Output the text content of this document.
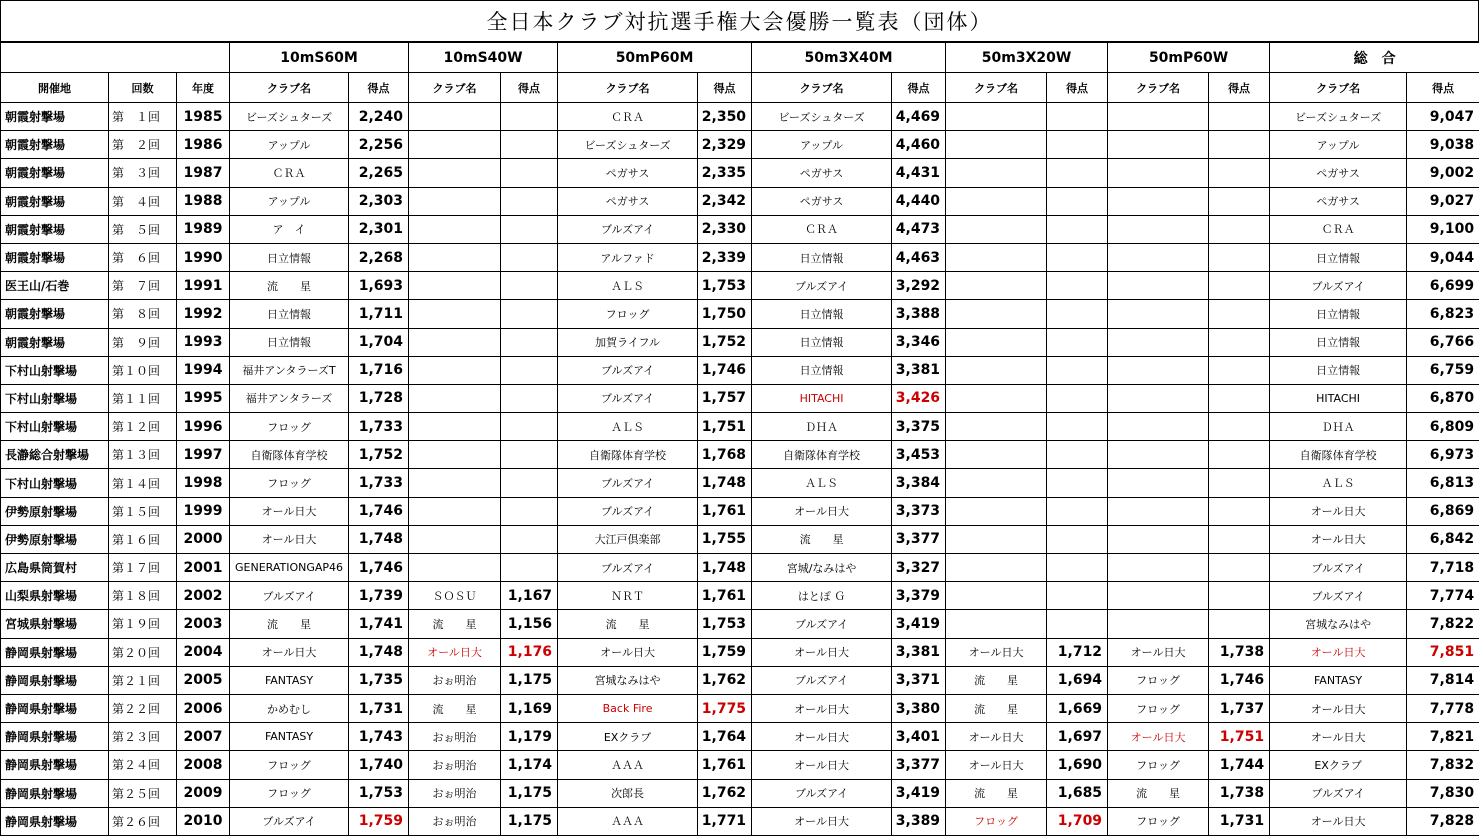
全日本クラブ対抗選手権大会優勝一覧表（団体）
			10mS60M		10mS40W		50mP60M		50m3X40M		50m3X20W		50mP60W		総　合	
開催地	回数	年度	クラブ名	得点	クラブ名	得点	クラブ名	得点	クラブ名	得点	クラブ名	得点	クラブ名	得点	クラブ名	得点
朝霞射撃場	第　１回	1985	ビーズシュターズ	2,240			ＣＲＡ	2,350	ビーズシュターズ	4,469					ビーズシュターズ	9,047
朝霞射撃場	第　２回	1986	アップル	2,256			ビーズシュターズ	2,329	アップル	4,460					アップル	9,038
朝霞射撃場	第　３回	1987	ＣＲＡ	2,265			ペガサス	2,335	ペガサス	4,431					ペガサス	9,002
朝霞射撃場	第　４回	1988	アップル	2,303			ペガサス	2,342	ペガサス	4,440					ペガサス	9,027
朝霞射撃場	第　５回	1989	ア　イ	2,301			ブルズアイ	2,330	ＣＲＡ	4,473					ＣＲＡ	9,100
朝霞射撃場	第　６回	1990	日立情報	2,268			アルファド	2,339	日立情報	4,463					日立情報	9,044
医王山/石巻	第　７回	1991	流　　星	1,693			ＡＬＳ	1,753	ブルズアイ	3,292					ブルズアイ	6,699
朝霞射撃場	第　８回	1992	日立情報	1,711			フロッグ	1,750	日立情報	3,388					日立情報	6,823
朝霞射撃場	第　９回	1993	日立情報	1,704			加賀ライフル	1,752	日立情報	3,346					日立情報	6,766
下村山射撃場	第１０回	1994	福井アンタラーズT	1,716			ブルズアイ	1,746	日立情報	3,381					日立情報	6,759
下村山射撃場	第１１回	1995	福井アンタラーズ	1,728			ブルズアイ	1,757	HITACHI	3,426					HITACHI	6,870
下村山射撃場	第１２回	1996	フロッグ	1,733			ＡＬＳ	1,751	ＤＨＡ	3,375					ＤＨＡ	6,809
長瀞総合射撃場	第１３回	1997	自衛隊体育学校	1,752			自衛隊体育学校	1,768	自衛隊体育学校	3,453					自衛隊体育学校	6,973
下村山射撃場	第１４回	1998	フロッグ	1,733			ブルズアイ	1,748	ＡＬＳ	3,384					ＡＬＳ	6,813
伊勢原射撃場	第１５回	1999	オール日大	1,746			ブルズアイ	1,761	オール日大	3,373					オール日大	6,869
伊勢原射撃場	第１６回	2000	オール日大	1,748			大江戸倶楽部	1,755	流　　星	3,377					オール日大	6,842
広島県筒賀村	第１７回	2001	GENERATIONGAP46	1,746			ブルズアイ	1,748	宮城/なみはや	3,327					ブルズアイ	7,718
山梨県射撃場	第１８回	2002	ブルズアイ	1,739	ＳＯＳＵ	1,167	ＮＲＴ	1,761	はとぽ Ｇ	3,379					ブルズアイ	7,774
宮城県射撃場	第１９回	2003	流　　星	1,741	流　　星	1,156	流　　星	1,753	ブルズアイ	3,419					宮城なみはや	7,822
静岡県射撃場	第２０回	2004	オール日大	1,748	オール日大	1,176	オール日大	1,759	オール日大	3,381	オール日大	1,712	オール日大	1,738	オール日大	7,851
静岡県射撃場	第２１回	2005	FANTASY	1,735	おぉ明治	1,175	宮城なみはや	1,762	ブルズアイ	3,371	流　　星	1,694	フロッグ	1,746	FANTASY	7,814
静岡県射撃場	第２２回	2006	かめむし	1,731	流　　星	1,169	Back Fire	1,775	オール日大	3,380	流　　星	1,669	フロッグ	1,737	オール日大	7,778
静岡県射撃場	第２３回	2007	FANTASY	1,743	おぉ明治	1,179	EXクラブ	1,764	オール日大	3,401	オール日大	1,697	オール日大	1,751	オール日大	7,821
静岡県射撃場	第２４回	2008	フロッグ	1,740	おぉ明治	1,174	ＡＡＡ	1,761	オール日大	3,377	オール日大	1,690	フロッグ	1,744	EXクラブ	7,832
静岡県射撃場	第２５回	2009	フロッグ	1,753	おぉ明治	1,175	次郎長	1,762	ブルズアイ	3,419	流　　星	1,685	流　　星	1,738	ブルズアイ	7,830
静岡県射撃場	第２６回	2010	ブルズアイ	1,759	おぉ明治	1,175	ＡＡＡ	1,771	オール日大	3,389	フロッグ	1,709	フロッグ	1,731	オール日大	7,828
